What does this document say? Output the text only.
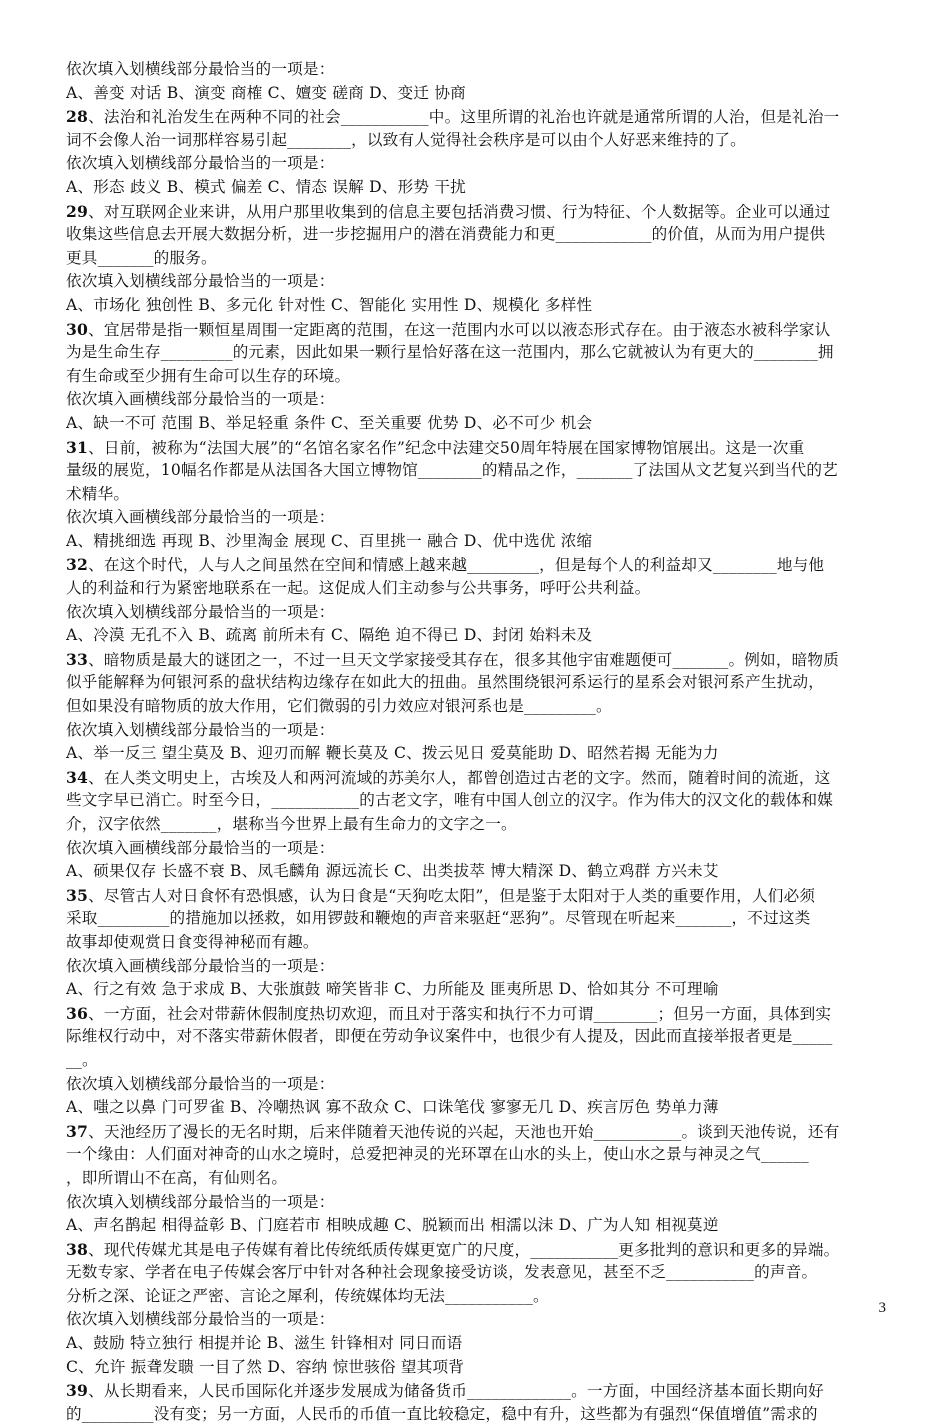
依次填入划横线部分最恰当的一项是：
A、善变 对话 B、演变 商榷 C、嬗变 磋商 D、变迁 协商
28、法治和礼治发生在两种不同的社会___________中。这里所谓的礼治也许就是通常所谓的人治，但是礼治一
词不会像人治一词那样容易引起________，以致有人觉得社会秩序是可以由个人好恶来维持的了。
依次填入划横线部分最恰当的一项是：
A、形态 歧义 B、模式 偏差 C、情态 误解 D、形势 干扰
29、对互联网企业来讲，从用户那里收集到的信息主要包括消费习惯、行为特征、个人数据等。企业可以通过
收集这些信息去开展大数据分析，进一步挖掘用户的潜在消费能力和更____________的价值，从而为用户提供
更具_______的服务。
依次填入划横线部分最恰当的一项是：
A、市场化 独创性 B、多元化 针对性 C、智能化 实用性 D、规模化 多样性
30、宜居带是指一颗恒星周围一定距离的范围，在这一范围内水可以以液态形式存在。由于液态水被科学家认
为是生命生存_________的元素，因此如果一颗行星恰好落在这一范围内，那么它就被认为有更大的________拥
有生命或至少拥有生命可以生存的环境。
依次填入画横线部分最恰当的一项是：
A、缺一不可 范围 B、举足轻重 条件 C、至关重要 优势 D、必不可少 机会
31、日前，被称为“法国大展”的“名馆名家名作”纪念中法建交50周年特展在国家博物馆展出。这是一次重
量级的展览，10幅名作都是从法国各大国立博物馆________的精品之作，_______了法国从文艺复兴到当代的艺
术精华。
依次填入画横线部分最恰当的一项是：
A、精挑细选 再现 B、沙里淘金 展现 C、百里挑一 融合 D、优中选优 浓缩
32、在这个时代，人与人之间虽然在空间和情感上越来越_________，但是每个人的利益却又________地与他
人的利益和行为紧密地联系在一起。这促成人们主动参与公共事务，呼吁公共利益。
依次填入划横线部分最恰当的一项是：
A、冷漠 无孔不入 B、疏离 前所未有 C、隔绝 迫不得已 D、封闭 始料未及
33、暗物质是最大的谜团之一，不过一旦天文学家接受其存在，很多其他宇宙难题便可_______。例如，暗物质
似乎能解释为何银河系的盘状结构边缘存在如此大的扭曲。虽然围绕银河系运行的星系会对银河系产生扰动，
但如果没有暗物质的放大作用，它们微弱的引力效应对银河系也是_________。
依次填入划横线部分最恰当的一项是：
A、举一反三 望尘莫及 B、迎刃而解 鞭长莫及 C、拨云见日 爱莫能助 D、昭然若揭 无能为力
34、在人类文明史上，古埃及人和两河流域的苏美尔人，都曾创造过古老的文字。然而，随着时间的流逝，这
些文字早已消亡。时至今日，___________的古老文字，唯有中国人创立的汉字。作为伟大的汉文化的载体和媒
介，汉字依然_______，堪称当今世界上最有生命力的文字之一。
依次填入画横线部分最恰当的一项是：
A、硕果仅存 长盛不衰 B、凤毛麟角 源远流长 C、出类拔萃 博大精深 D、鹤立鸡群 方兴未艾
35、尽管古人对日食怀有恐惧感，认为日食是“天狗吃太阳”，但是鉴于太阳对于人类的重要作用，人们必须
采取_________的措施加以拯救，如用锣鼓和鞭炮的声音来驱赶“恶狗”。尽管现在听起来_______，不过这类
故事却使观赏日食变得神秘而有趣。
依次填入画横线部分最恰当的一项是：
A、行之有效 急于求成 B、大张旗鼓 啼笑皆非 C、力所能及 匪夷所思 D、恰如其分 不可理喻
36、一方面，社会对带薪休假制度热切欢迎，而且对于落实和执行不力可谓________；但另一方面，具体到实
际维权行动中，对不落实带薪休假者，即便在劳动争议案件中，也很少有人提及，因此而直接举报者更是_____
__。
依次填入划横线部分最恰当的一项是：
A、嗤之以鼻 门可罗雀 B、冷嘲热讽 寡不敌众 C、口诛笔伐 寥寥无几 D、疾言厉色 势单力薄
37、天池经历了漫长的无名时期，后来伴随着天池传说的兴起，天池也开始___________。谈到天池传说，还有
一个缘由：人们面对神奇的山水之境时，总爱把神灵的光环罩在山水的头上，使山水之景与神灵之气______
，即所谓山不在高，有仙则名。
依次填入划横线部分最恰当的一项是：
A、声名鹊起 相得益彰 B、门庭若市 相映成趣 C、脱颖而出 相濡以沫 D、广为人知 相视莫逆
38、现代传媒尤其是电子传媒有着比传统纸质传媒更宽广的尺度，___________更多批判的意识和更多的异端。
无数专家、学者在电子传媒会客厅中针对各种社会现象接受访谈，发表意见，甚至不乏___________的声音。
分析之深、论证之严密、言论之犀利，传统媒体均无法___________。
依次填入划横线部分最恰当的一项是：
A、鼓励 特立独行 相提并论 B、滋生 针锋相对 同日而语
C、允许 振聋发聩 一目了然 D、容纳 惊世骇俗 望其项背
39、从长期看来，人民币国际化并逐步发展成为储备货币_____________。一方面，中国经济基本面长期向好
的_________没有变；另一方面，人民币的币值一直比较稳定，稳中有升，这些都为有强烈“保值增值”需求的
3
